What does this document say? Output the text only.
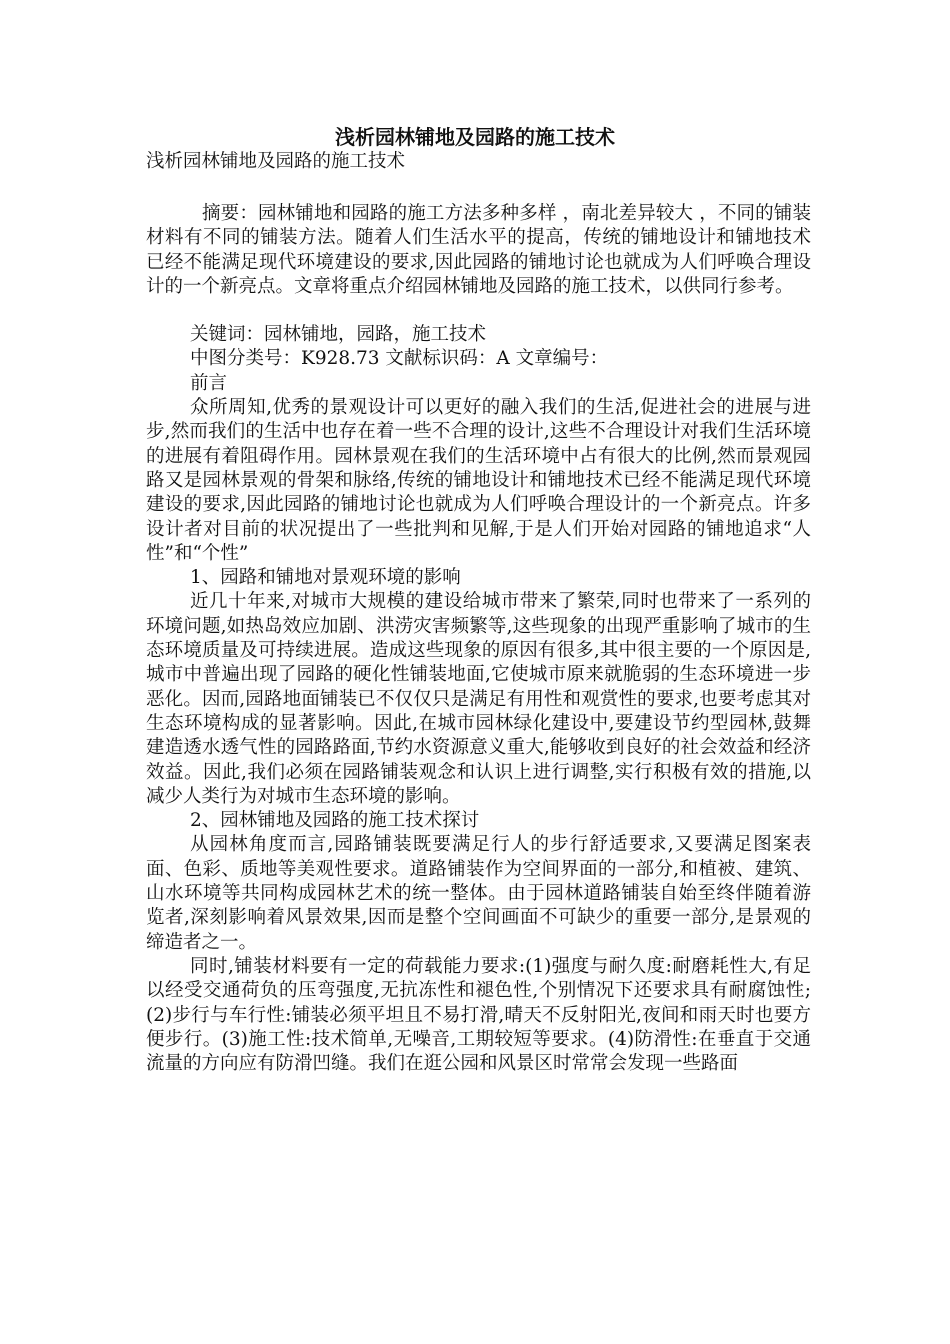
浅析园林铺地及园路的施工技术
浅析园林铺地及园路的施工技术

摘要：园林铺地和园路的施工方法多种多样 ，南北差异较大 ，不同的铺装材料有不同的铺装方法。随着人们生活水平的提高，传统的铺地设计和铺地技术已经不能满足现代环境建设的要求,因此园路的铺地讨论也就成为人们呼唤合理设计的一个新亮点。文章将重点介绍园林铺地及园路的施工技术，以供同行参考。

关键词：园林铺地，园路，施工技术

中图分类号：K928.73 文献标识码：A 文章编号：

前言

众所周知,优秀的景观设计可以更好的融入我们的生活,促进社会的进展与进步,然而我们的生活中也存在着一些不合理的设计,这些不合理设计对我们生活环境的进展有着阻碍作用。园林景观在我们的生活环境中占有很大的比例,然而景观园路又是园林景观的骨架和脉络,传统的铺地设计和铺地技术已经不能满足现代环境建设的要求,因此园路的铺地讨论也就成为人们呼唤合理设计的一个新亮点。许多设计者对目前的状况提出了一些批判和见解,于是人们开始对园路的铺地追求“人性”和“个性”

1、园路和铺地对景观环境的影响

近几十年来,对城市大规模的建设给城市带来了繁荣,同时也带来了一系列的环境问题,如热岛效应加剧、洪涝灾害频繁等,这些现象的出现严重影响了城市的生态环境质量及可持续进展。造成这些现象的原因有很多,其中很主要的一个原因是,城市中普遍出现了园路的硬化性铺装地面,它使城市原来就脆弱的生态环境进一步恶化。因而,园路地面铺装已不仅仅只是满足有用性和观赏性的要求,也要考虑其对生态环境构成的显著影响。因此,在城市园林绿化建设中,要建设节约型园林,鼓舞建造透水透气性的园路路面,节约水资源意义重大,能够收到良好的社会效益和经济效益。因此,我们必须在园路铺装观念和认识上进行调整,实行积极有效的措施,以减少人类行为对城市生态环境的影响。

2、园林铺地及园路的施工技术探讨

从园林角度而言,园路铺装既要满足行人的步行舒适要求,又要满足图案表面、色彩、质地等美观性要求。道路铺装作为空间界面的一部分,和植被、建筑、山水环境等共同构成园林艺术的统一整体。由于园林道路铺装自始至终伴随着游览者,深刻影响着风景效果,因而是整个空间画面不可缺少的重要一部分,是景观的缔造者之一。

同时,铺装材料要有一定的荷载能力要求:(1)强度与耐久度:耐磨耗性大,有足以经受交通荷负的压弯强度,无抗冻性和褪色性,个别情况下还要求具有耐腐蚀性;(2)步行与车行性:铺装必须平坦且不易打滑,晴天不反射阳光,夜间和雨天时也要方便步行。(3)施工性:技术简单,无噪音,工期较短等要求。(4)防滑性:在垂直于交通流量的方向应有防滑凹缝。我们在逛公园和风景区时常常会发现一些路面
